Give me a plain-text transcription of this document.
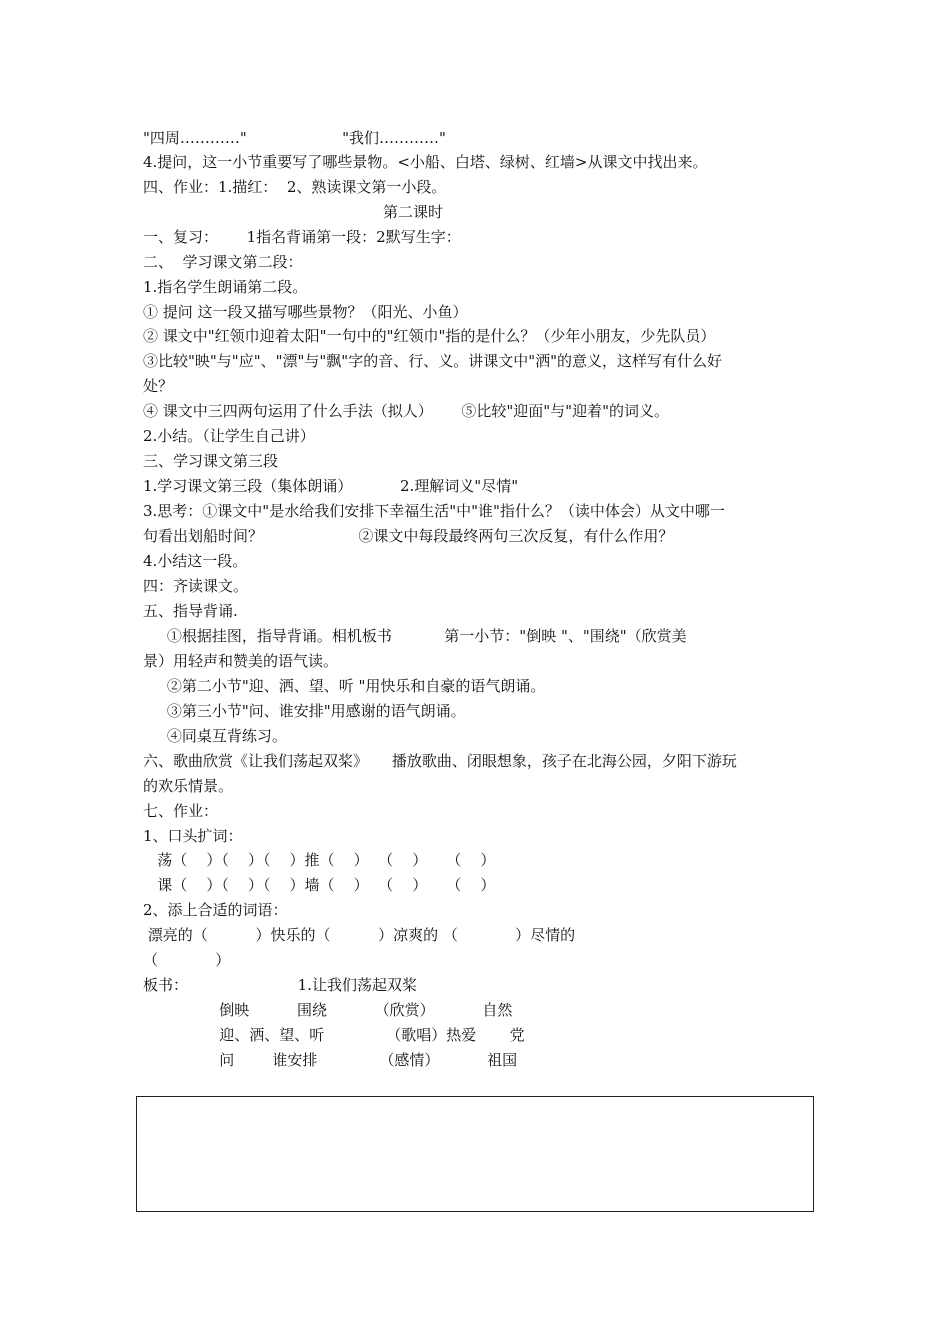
"四周…………"                    "我们…………"
4.提问，这一小节重要写了哪些景物。<小船、白塔、绿树、红墙>从课文中找出来。
四、作业：1.描红：  2、熟读课文第一小段。
第二课时
一、复习：      1指名背诵第一段：2默写生字：
二、  学习课文第二段：
1.指名学生朗诵第二段。
① 提问 这一段又描写哪些景物？（阳光、小鱼）
② 课文中"红领巾迎着太阳"一句中的"红领巾"指的是什么？（少年小朋友，少先队员）
③比较"映"与"应"、"漂"与"飘"字的音、行、义。讲课文中"洒"的意义，这样写有什么好
处？
④ 课文中三四两句运用了什么手法（拟人）      ⑤比较"迎面"与"迎着"的词义。
2.小结。（让学生自己讲）
三、学习课文第三段
1.学习课文第三段（集体朗诵）          2.理解词义"尽情"
3.思考：①课文中"是水给我们安排下幸福生活"中"谁"指什么？（读中体会）从文中哪一
句看出划船时间？                    ②课文中每段最终两句三次反复，有什么作用？
4.小结这一段。
四：齐读课文。
五、指导背诵.
①根据挂图，指导背诵。相机板书           第一小节："倒映 "、"围绕"（欣赏美
景）用轻声和赞美的语气读。
②第二小节"迎、洒、望、听 "用快乐和自豪的语气朗诵。
③第三小节"问、谁安排"用感谢的语气朗诵。
④同桌互背练习。
六、歌曲欣赏《让我们荡起双桨》     播放歌曲、闭眼想象，孩子在北海公园，夕阳下游玩
的欢乐情景。
七、作业：
1、口头扩词：
荡（    ）（    ）（    ）推（    ）  （    ）    （    ）
课（    ）（    ）（    ）墙（    ）  （    ）    （    ）
2、添上合适的词语：
漂亮的（          ）快乐的（          ）凉爽的 （            ）尽情的
（            ）
板书：                       1.让我们荡起双桨
倒映          围绕          （欣赏）          自然
迎、洒、望、听             （歌唱）热爱       党
问        谁安排             （感情）          祖国
